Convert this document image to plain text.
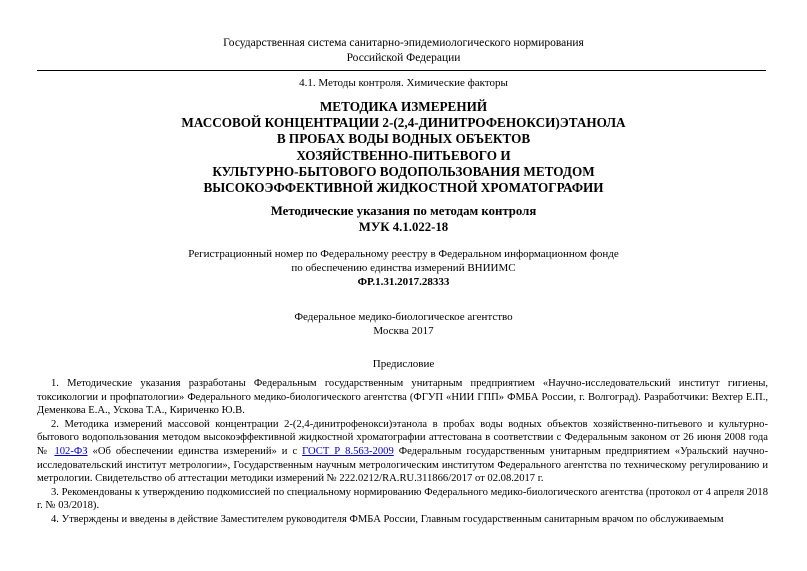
Государственная система санитарно-эпидемиологического нормирования
Российской Федерации
4.1. Методы контроля. Химические факторы
МЕТОДИКА ИЗМЕРЕНИЙ
МАССОВОЙ КОНЦЕНТРАЦИИ 2-(2,4-ДИНИТРОФЕНОКСИ)ЭТАНОЛА
В ПРОБАХ ВОДЫ ВОДНЫХ ОБЪЕКТОВ
ХОЗЯЙСТВЕННО-ПИТЬЕВОГО И
КУЛЬТУРНО-БЫТОВОГО ВОДОПОЛЬЗОВАНИЯ МЕТОДОМ
ВЫСОКОЭФФЕКТИВНОЙ ЖИДКОСТНОЙ ХРОМАТОГРАФИИ
Методические указания по методам контроля
МУК 4.1.022-18
Регистрационный номер по Федеральному реестру в Федеральном информационном фонде
по обеспечению единства измерений ВНИИМС
ФР.1.31.2017.28333
Федеральное медико-биологическое агентство
Москва 2017
Предисловие

1. Методические указания разработаны Федеральным государственным унитарным предприятием «Научно-исследовательский институт гигиены, токсикологии и профпатологии» Федерального медико-биологического агентства (ФГУП «НИИ ГПП» ФМБА России, г. Волгоград). Разработчики: Вехтер Е.П., Деменкова Е.А., Ускова Т.А., Кириченко Ю.В.

2. Методика измерений массовой концентрации 2-(2,4-динитрофенокси)этанола в пробах воды водных объектов хозяйственно-питьевого и культурно-бытового водопользования методом высокоэффективной жидкостной хроматографии аттестована в соответствии с Федеральным законом от 26 июня 2008 года № 102-ФЗ «Об обеспечении единства измерений» и с ГОСТ Р 8.563-2009 Федеральным государственным унитарным предприятием «Уральский научно-исследовательский институт метрологии», Государственным научным метрологическим институтом Федерального агентства по техническому регулированию и метрологии. Свидетельство об аттестации методики измерений № 222.0212/RA.RU.311866/2017 от 02.08.2017 г.

3. Рекомендованы к утверждению подкомиссией по специальному нормированию Федерального медико-биологического агентства (протокол от 4 апреля 2018 г. № 03/2018).

4. Утверждены и введены в действие Заместителем руководителя ФМБА России, Главным государственным санитарным врачом по обслуживаемым
